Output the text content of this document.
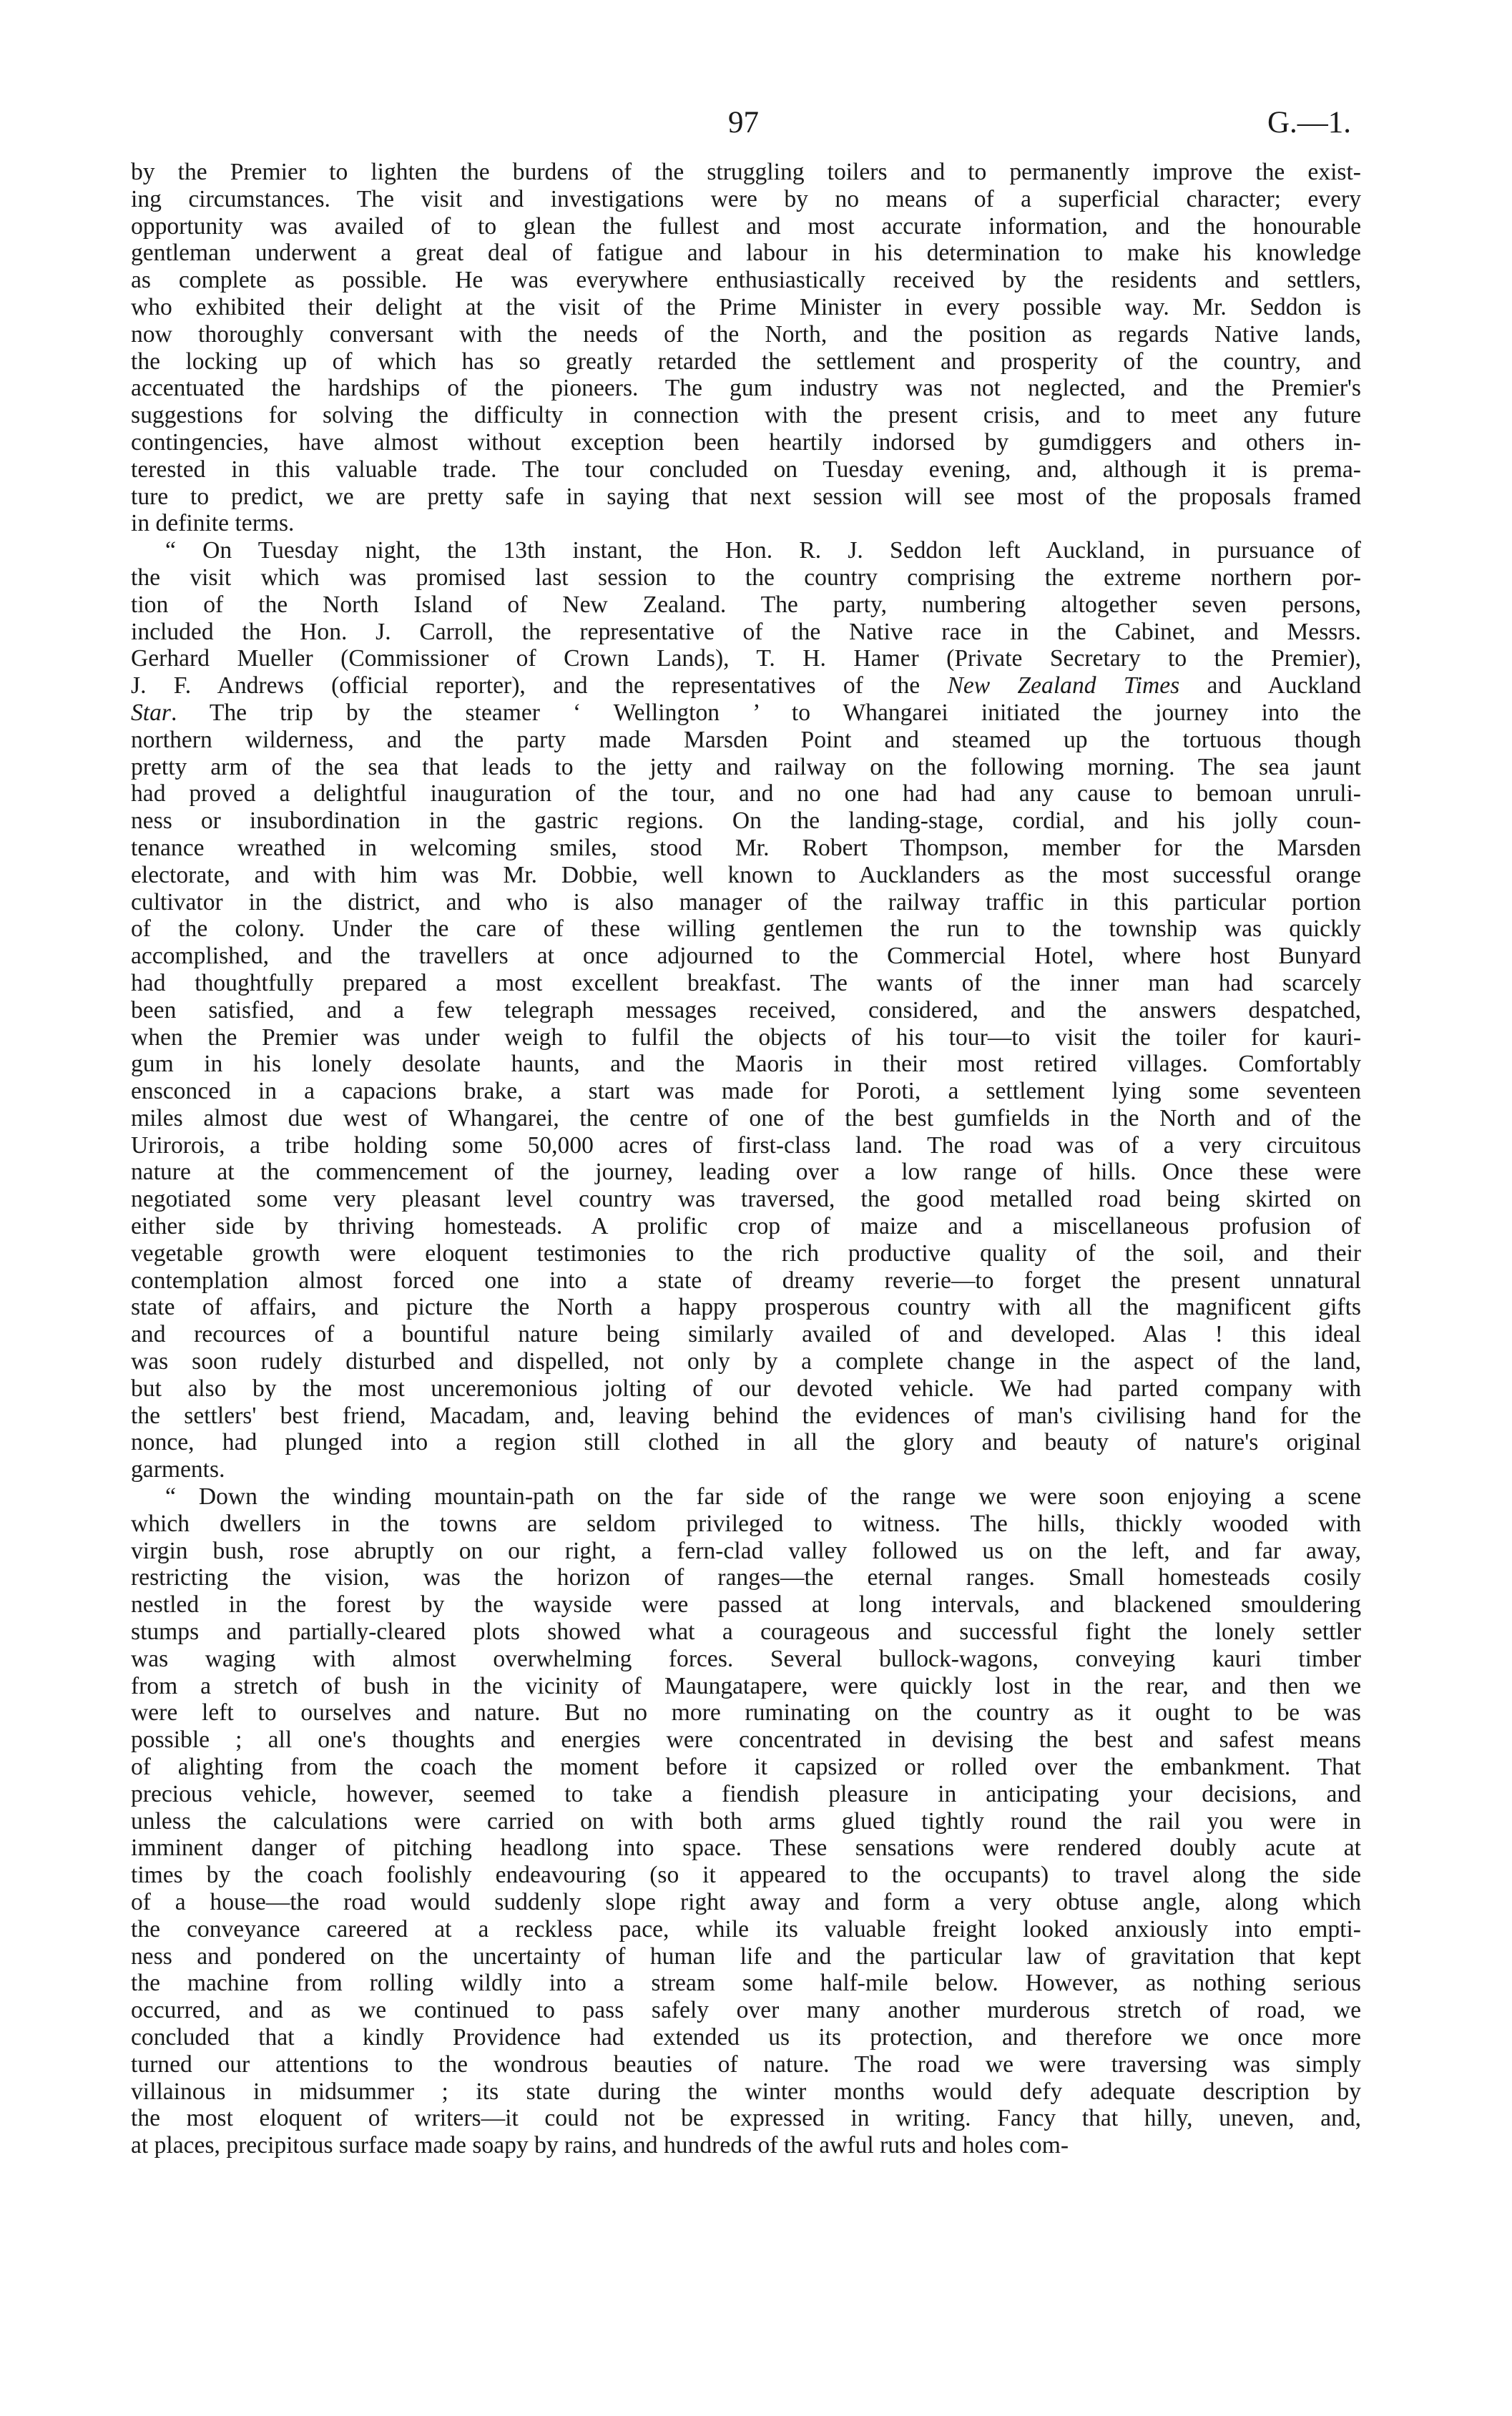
97	G.—1.
by the Premier to lighten the burdens of the struggling toilers and to permanently improve the exist-
ing circumstances. The visit and investigations were by no means of a superficial character; every
opportunity was availed of to glean the fullest and most accurate information, and the honourable
gentleman underwent a great deal of fatigue and labour in his determination to make his knowledge
as complete as possible. He was everywhere enthusiastically received by the residents and settlers,
who exhibited their delight at the visit of the Prime Minister in every possible way. Mr. Seddon is
now thoroughly conversant with the needs of the North, and the position as regards Native lands,
the locking up of which has so greatly retarded the settlement and prosperity of the country, and
accentuated the hardships of the pioneers. The gum industry was not neglected, and the Premier's
suggestions for solving the difficulty in connection with the present crisis, and to meet any future
contingencies, have almost without exception been heartily indorsed by gumdiggers and others in-
terested in this valuable trade. The tour concluded on Tuesday evening, and, although it is prema-
ture to predict, we are pretty safe in saying that next session will see most of the proposals framed
in definite terms.
“ On Tuesday night, the 13th instant, the Hon. R. J. Seddon left Auckland, in pursuance of
the visit which was promised last session to the country comprising the extreme northern por-
tion of the North Island of New Zealand. The party, numbering altogether seven persons,
included the Hon. J. Carroll, the representative of the Native race in the Cabinet, and Messrs.
Gerhard Mueller (Commissioner of Crown Lands), T. H. Hamer (Private Secretary to the Premier),
J. F. Andrews (official reporter), and the representatives of the New Zealand Times and Auckland
Star. The trip by the steamer ‘ Wellington ’ to Whangarei initiated the journey into the
northern wilderness, and the party made Marsden Point and steamed up the tortuous though
pretty arm of the sea that leads to the jetty and railway on the following morning. The sea jaunt
had proved a delightful inauguration of the tour, and no one had had any cause to bemoan unruli-
ness or insubordination in the gastric regions. On the landing-stage, cordial, and his jolly coun-
tenance wreathed in welcoming smiles, stood Mr. Robert Thompson, member for the Marsden
electorate, and with him was Mr. Dobbie, well known to Aucklanders as the most successful orange
cultivator in the district, and who is also manager of the railway traffic in this particular portion
of the colony. Under the care of these willing gentlemen the run to the township was quickly
accomplished, and the travellers at once adjourned to the Commercial Hotel, where host Bunyard
had thoughtfully prepared a most excellent breakfast. The wants of the inner man had scarcely
been satisfied, and a few telegraph messages received, considered, and the answers despatched,
when the Premier was under weigh to fulfil the objects of his tour—to visit the toiler for kauri-
gum in his lonely desolate haunts, and the Maoris in their most retired villages. Comfortably
ensconced in a capacions brake, a start was made for Poroti, a settlement lying some seventeen
miles almost due west of Whangarei, the centre of one of the best gumfields in the North and of the
Urirorois, a tribe holding some 50,000 acres of first-class land. The road was of a very circuitous
nature at the commencement of the journey, leading over a low range of hills. Once these were
negotiated some very pleasant level country was traversed, the good metalled road being skirted on
either side by thriving homesteads. A prolific crop of maize and a miscellaneous profusion of
vegetable growth were eloquent testimonies to the rich productive quality of the soil, and their
contemplation almost forced one into a state of dreamy reverie—to forget the present unnatural
state of affairs, and picture the North a happy prosperous country with all the magnificent gifts
and recources of a bountiful nature being similarly availed of and developed. Alas ! this ideal
was soon rudely disturbed and dispelled, not only by a complete change in the aspect of the land,
but also by the most unceremonious jolting of our devoted vehicle. We had parted company with
the settlers' best friend, Macadam, and, leaving behind the evidences of man's civilising hand for the
nonce, had plunged into a region still clothed in all the glory and beauty of nature's original
garments.
“ Down the winding mountain-path on the far side of the range we were soon enjoying a scene
which dwellers in the towns are seldom privileged to witness. The hills, thickly wooded with
virgin bush, rose abruptly on our right, a fern-clad valley followed us on the left, and far away,
restricting the vision, was the horizon of ranges—the eternal ranges. Small homesteads cosily
nestled in the forest by the wayside were passed at long intervals, and blackened smouldering
stumps and partially-cleared plots showed what a courageous and successful fight the lonely settler
was waging with almost overwhelming forces. Several bullock-wagons, conveying kauri timber
from a stretch of bush in the vicinity of Maungatapere, were quickly lost in the rear, and then we
were left to ourselves and nature. But no more ruminating on the country as it ought to be was
possible ; all one's thoughts and energies were concentrated in devising the best and safest means
of alighting from the coach the moment before it capsized or rolled over the embankment. That
precious vehicle, however, seemed to take a fiendish pleasure in anticipating your decisions, and
unless the calculations were carried on with both arms glued tightly round the rail you were in
imminent danger of pitching headlong into space. These sensations were rendered doubly acute at
times by the coach foolishly endeavouring (so it appeared to the occupants) to travel along the side
of a house—the road would suddenly slope right away and form a very obtuse angle, along which
the conveyance careered at a reckless pace, while its valuable freight looked anxiously into empti-
ness and pondered on the uncertainty of human life and the particular law of gravitation that kept
the machine from rolling wildly into a stream some half-mile below. However, as nothing serious
occurred, and as we continued to pass safely over many another murderous stretch of road, we
concluded that a kindly Providence had extended us its protection, and therefore we once more
turned our attentions to the wondrous beauties of nature. The road we were traversing was simply
villainous in midsummer ; its state during the winter months would defy adequate description by
the most eloquent of writers—it could not be expressed in writing. Fancy that hilly, uneven, and,
at places, precipitous surface made soapy by rains, and hundreds of the awful ruts and holes com-
